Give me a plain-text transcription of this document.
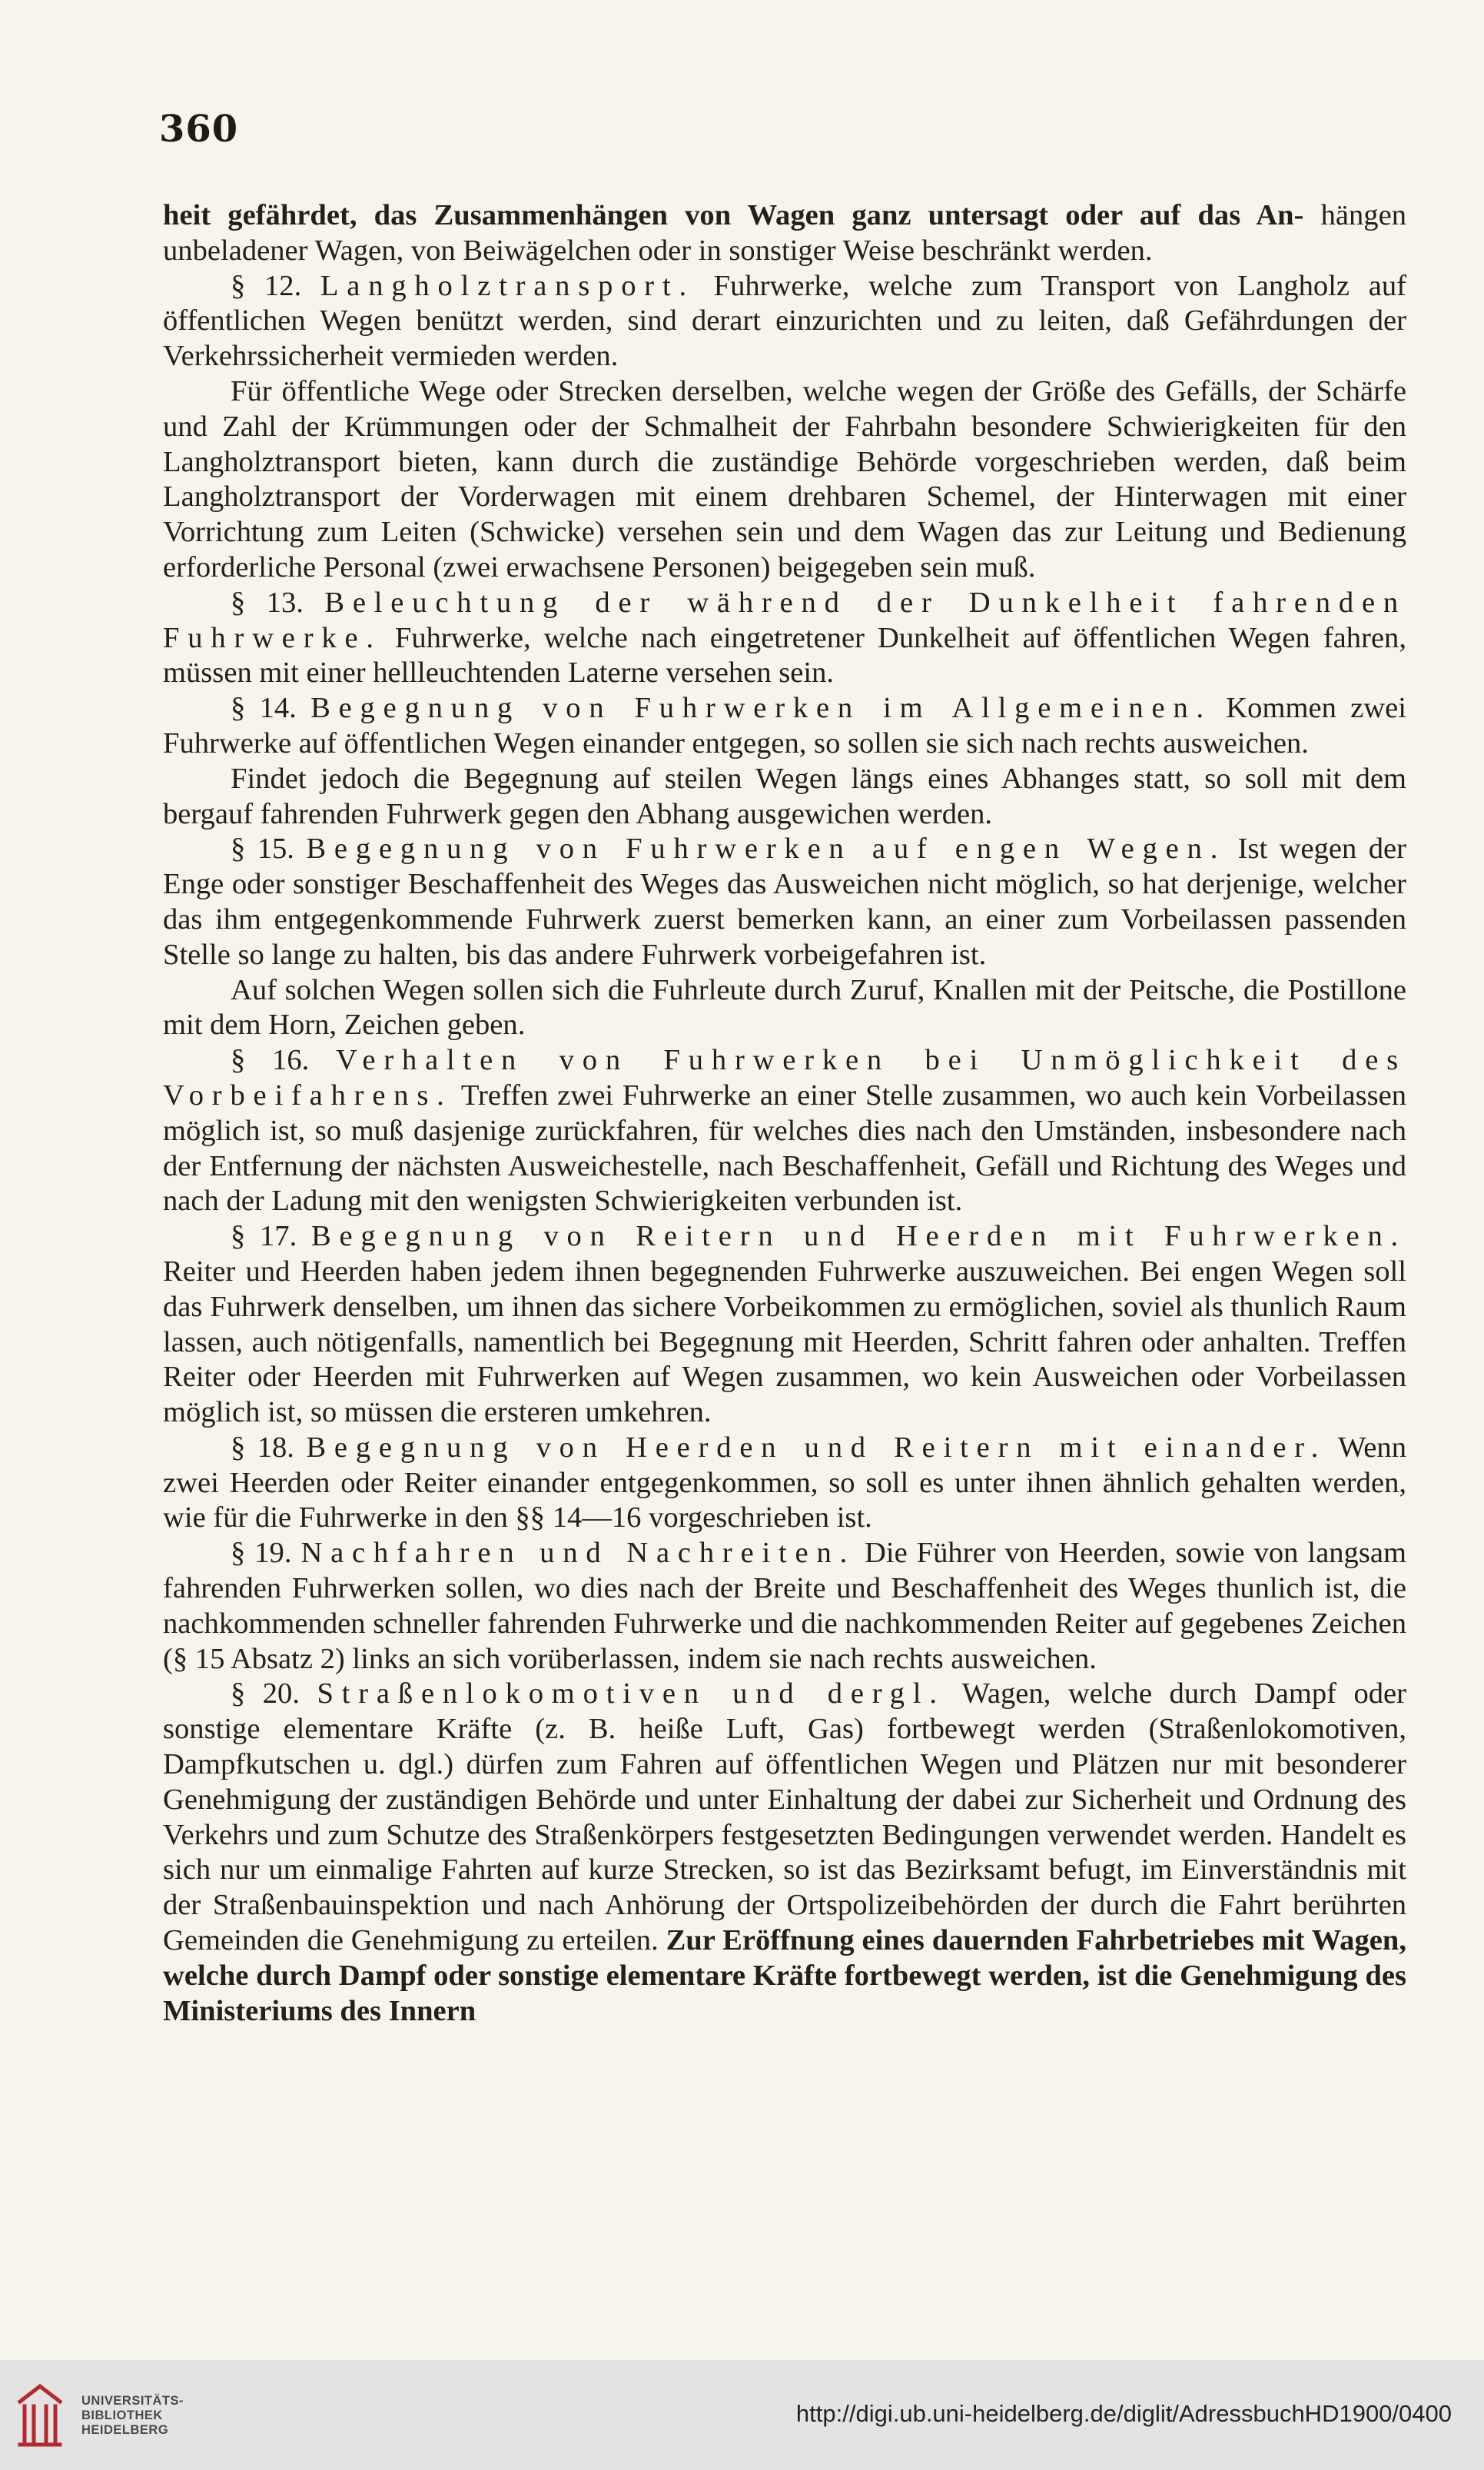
360

heit gefährdet, das Zusammenhängen von Wagen ganz untersagt oder auf das An- hängen unbeladener Wagen, von Beiwägelchen oder in sonstiger Weise beschränkt werden.

§ 12. Langholztransport. Fuhrwerke, welche zum Transport von Langholz auf öffentlichen Wegen benützt werden, sind derart einzurichten und zu leiten, daß Gefährdungen der Verkehrssicherheit vermieden werden.

Für öffentliche Wege oder Strecken derselben, welche wegen der Größe des Gefälls, der Schärfe und Zahl der Krümmungen oder der Schmalheit der Fahrbahn besondere Schwierigkeiten für den Langholztransport bieten, kann durch die zuständige Behörde vorgeschrieben werden, daß beim Langholztransport der Vorderwagen mit einem drehbaren Schemel, der Hinterwagen mit einer Vorrichtung zum Leiten (Schwicke) versehen sein und dem Wagen das zur Leitung und Bedienung erforderliche Personal (zwei erwachsene Personen) beigegeben sein muß.

§ 13. Beleuchtung der während der Dunkelheit fahrenden Fuhrwerke. Fuhrwerke, welche nach eingetretener Dunkelheit auf öffentlichen Wegen fahren, müssen mit einer hellleuchtenden Laterne versehen sein.

§ 14. Begegnung von Fuhrwerken im Allgemeinen. Kommen zwei Fuhrwerke auf öffentlichen Wegen einander entgegen, so sollen sie sich nach rechts ausweichen.

Findet jedoch die Begegnung auf steilen Wegen längs eines Abhanges statt, so soll mit dem bergauf fahrenden Fuhrwerk gegen den Abhang ausgewichen werden.

§ 15. Begegnung von Fuhrwerken auf engen Wegen. Ist wegen der Enge oder sonstiger Beschaffenheit des Weges das Ausweichen nicht möglich, so hat derjenige, welcher das ihm entgegenkommende Fuhrwerk zuerst bemerken kann, an einer zum Vorbeilassen passenden Stelle so lange zu halten, bis das andere Fuhrwerk vorbeigefahren ist.

Auf solchen Wegen sollen sich die Fuhrleute durch Zuruf, Knallen mit der Peitsche, die Postillone mit dem Horn, Zeichen geben.

§ 16. Verhalten von Fuhrwerken bei Unmöglichkeit des Vorbeifahrens. Treffen zwei Fuhrwerke an einer Stelle zusammen, wo auch kein Vorbeilassen möglich ist, so muß dasjenige zurückfahren, für welches dies nach den Umständen, insbesondere nach der Entfernung der nächsten Ausweichestelle, nach Beschaffenheit, Gefäll und Richtung des Weges und nach der Ladung mit den wenigsten Schwierigkeiten verbunden ist.

§ 17. Begegnung von Reitern und Heerden mit Fuhrwerken. Reiter und Heerden haben jedem ihnen begegnenden Fuhrwerke auszuweichen. Bei engen Wegen soll das Fuhrwerk denselben, um ihnen das sichere Vorbeikommen zu ermöglichen, soviel als thunlich Raum lassen, auch nötigenfalls, namentlich bei Begegnung mit Heerden, Schritt fahren oder anhalten. Treffen Reiter oder Heerden mit Fuhrwerken auf Wegen zusammen, wo kein Ausweichen oder Vorbeilassen möglich ist, so müssen die ersteren umkehren.

§ 18. Begegnung von Heerden und Reitern mit einander. Wenn zwei Heerden oder Reiter einander entgegenkommen, so soll es unter ihnen ähnlich gehalten werden, wie für die Fuhrwerke in den §§ 14—16 vorgeschrieben ist.

§ 19. Nachfahren und Nachreiten. Die Führer von Heerden, sowie von langsam fahrenden Fuhrwerken sollen, wo dies nach der Breite und Beschaffenheit des Weges thunlich ist, die nachkommenden schneller fahrenden Fuhrwerke und die nachkommenden Reiter auf gegebenes Zeichen (§ 15 Absatz 2) links an sich vorüberlassen, indem sie nach rechts ausweichen.

§ 20. Straßenlokomotiven und dergl. Wagen, welche durch Dampf oder sonstige elementare Kräfte (z. B. heiße Luft, Gas) fortbewegt werden (Straßenlokomotiven, Dampfkutschen u. dgl.) dürfen zum Fahren auf öffentlichen Wegen und Plätzen nur mit besonderer Genehmigung der zuständigen Behörde und unter Einhaltung der dabei zur Sicherheit und Ordnung des Verkehrs und zum Schutze des Straßenkörpers festgesetzten Bedingungen verwendet werden. Handelt es sich nur um einmalige Fahrten auf kurze Strecken, so ist das Bezirksamt befugt, im Einverständnis mit der Straßenbauinspektion und nach Anhörung der Ortspolizeibehörden der durch die Fahrt berührten Gemeinden die Genehmigung zu erteilen. Zur Eröffnung eines dauernden Fahrbetriebes mit Wagen, welche durch Dampf oder sonstige elementare Kräfte fortbewegt werden, ist die Genehmigung des Ministeriums des Innern

UNIVERSITÄTS-
BIBLIOTHEK
HEIDELBERG
http://digi.ub.uni-heidelberg.de/diglit/AdressbuchHD1900/0400
